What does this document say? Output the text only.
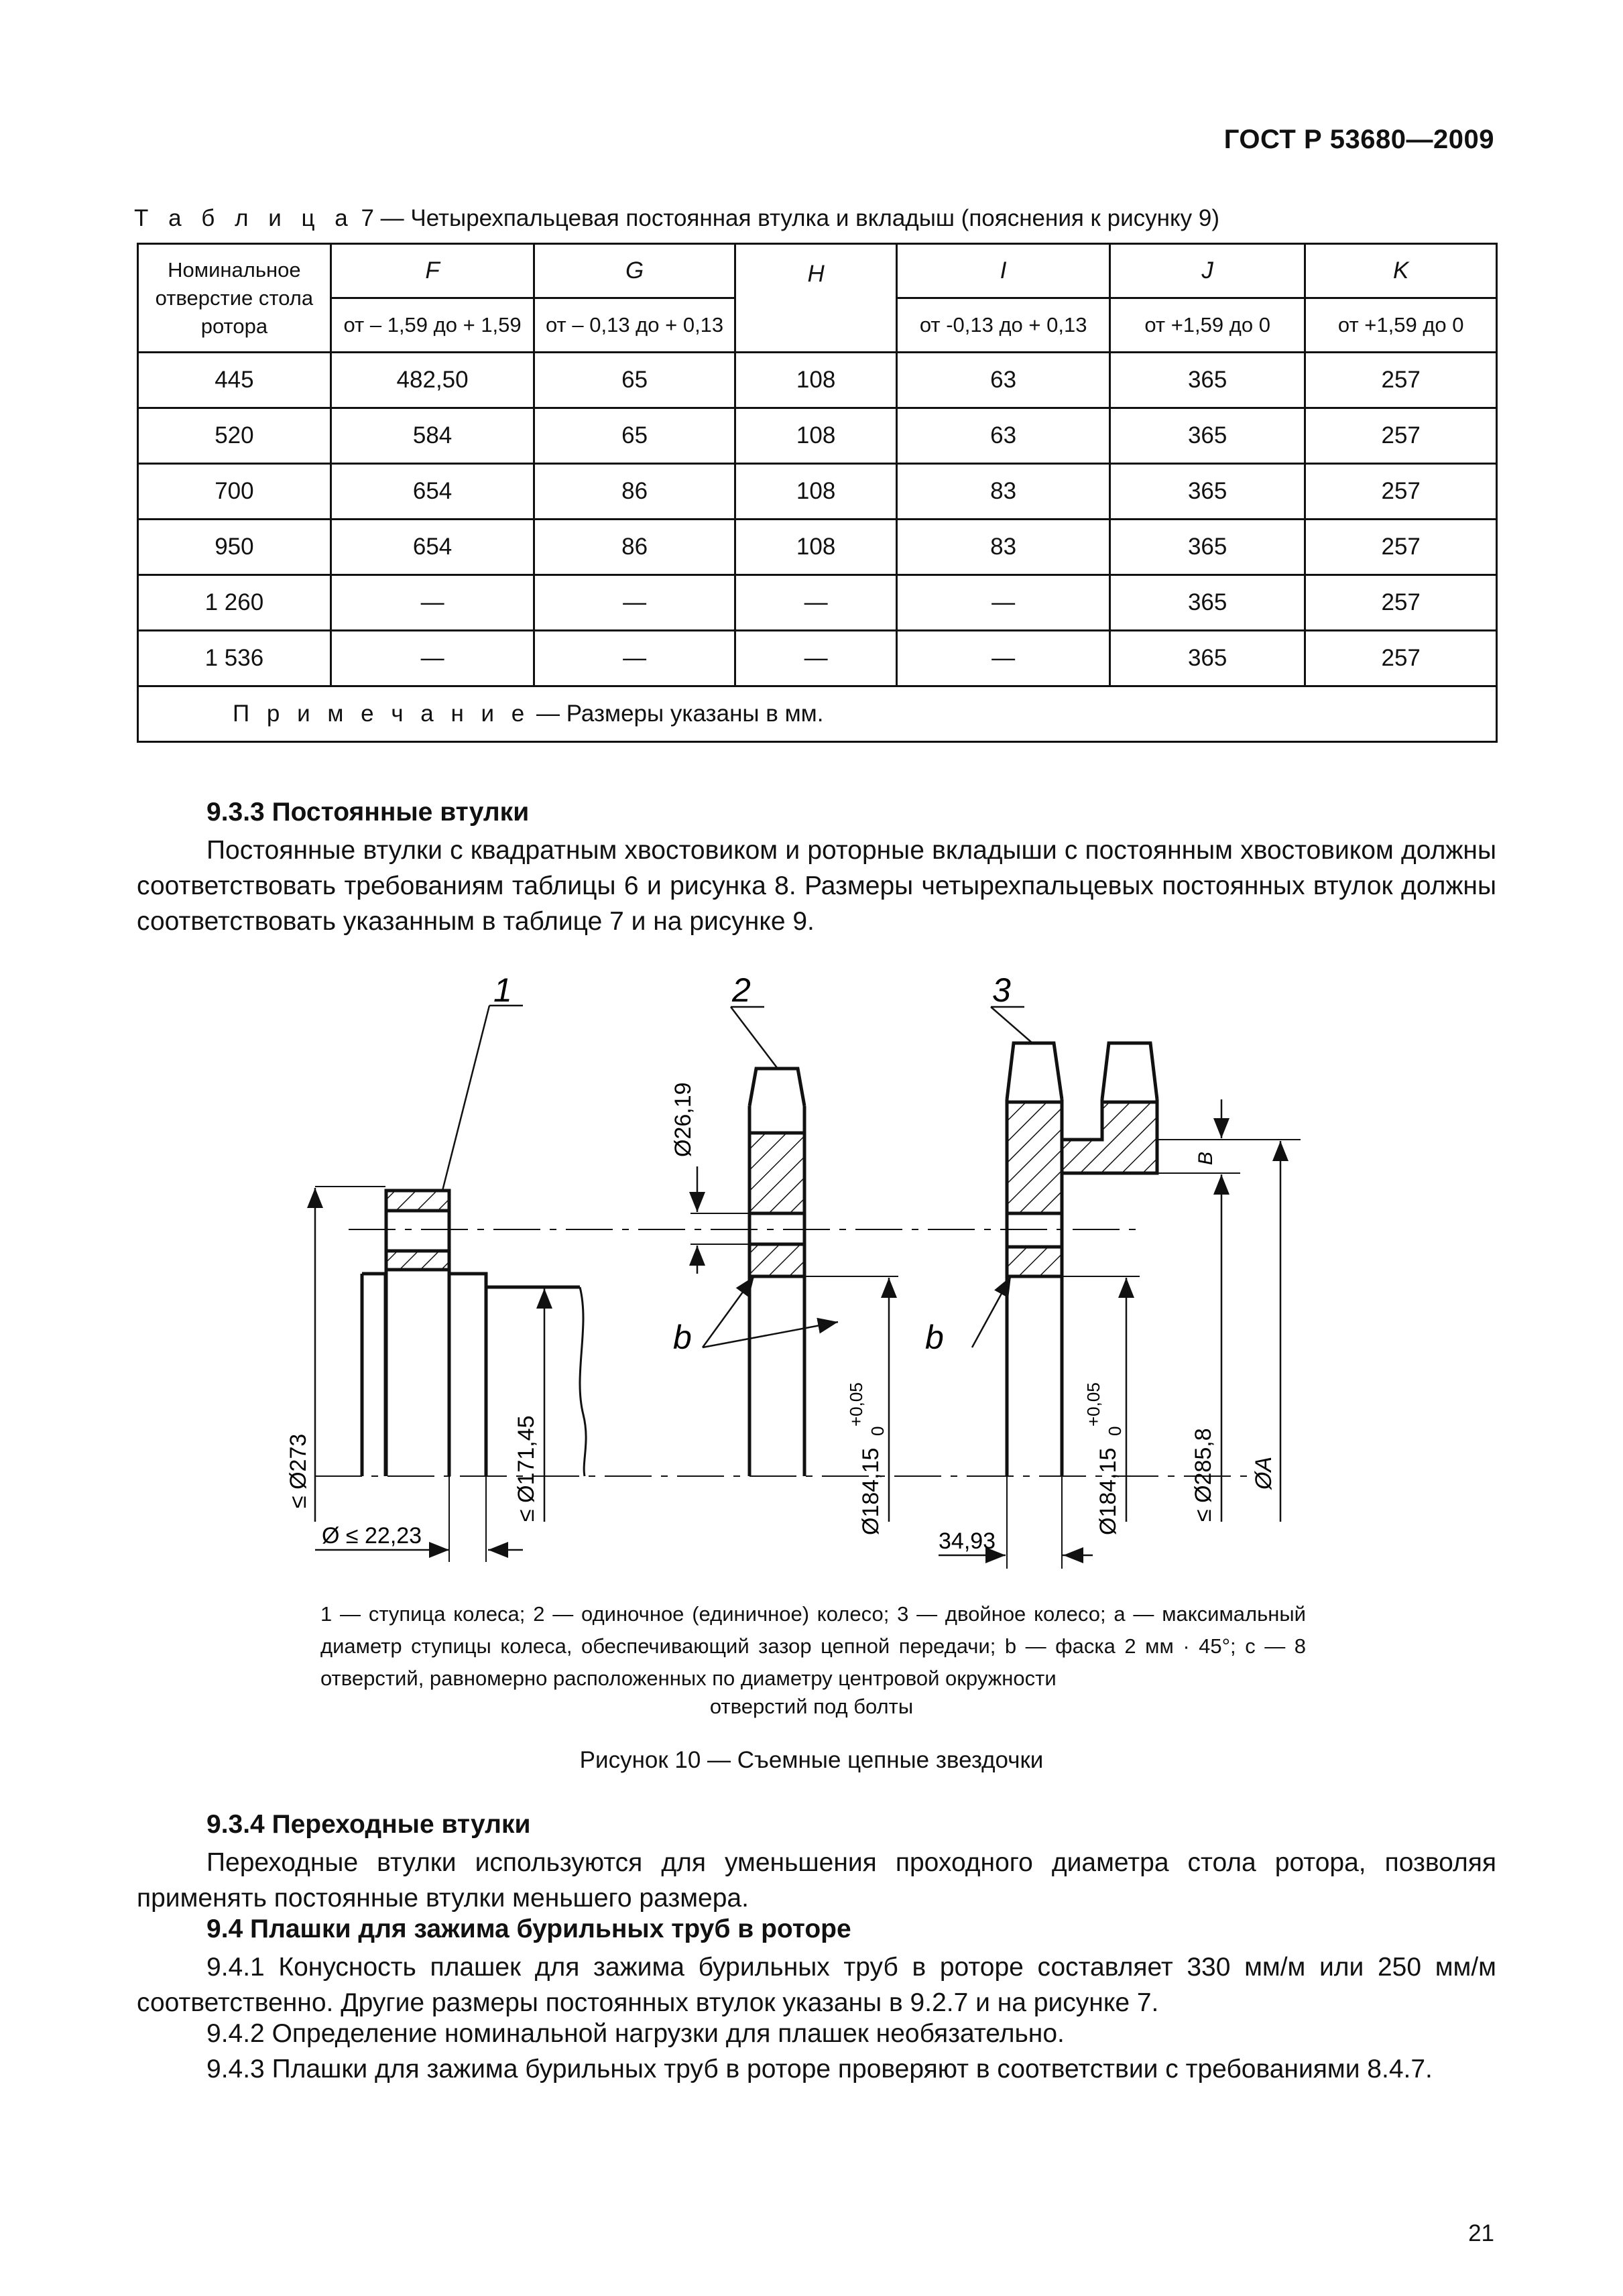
ГОСТ Р 53680—2009
Т а б л и ц а 7 — Четырехпальцевая постоянная втулка и вкладыш (пояснения к рисунку 9)
Номинальное отверстие стола ротора	F	G	H	I	J	K
	от – 1,59 до + 1,59	от – 0,13 до + 0,13		от -0,13 до + 0,13	от +1,59 до 0	от +1,59 до 0
445	482,50	65	108	63	365	257
520	584	65	108	63	365	257
700	654	86	108	83	365	257
950	654	86	108	83	365	257
1 260	—	—	—	—	365	257
1 536	—	—	—	—	365	257
П р и м е ч а н и е — Размеры указаны в мм.						
9.3.3 Постоянные втулки
Постоянные втулки с квадратным хвостовиком и роторные вкладыши с постоянным хвостовиком должны соответствовать требованиям таблицы 6 и рисунка 8. Размеры четырехпальцевых постоянных втулок должны соответствовать указанным в таблице 7 и на рисунке 9.
1	2	3
b	b
≤ Ø273	≤ Ø171,45
Ø ≤ 22,23
Ø26,19
Ø184,15
+0,05
0
Ø184,15
+0,05
0
34,93
≤ Ø285,8 ØA
B
1 — ступица колеса; 2 — одиночное (единичное) колесо; 3 — двойное колесо; a — максимальный диаметр ступицы колеса, обеспечивающий зазор цепной передачи; b — фаска 2 мм · 45°; c — 8 отверстий, равномерно расположенных по диаметру центровой окружности
отверстий под болты
Рисунок 10 — Съемные цепные звездочки
9.3.4 Переходные втулки
Переходные втулки используются для уменьшения проходного диаметра стола ротора, позволяя применять постоянные втулки меньшего размера.
9.4 Плашки для зажима бурильных труб в роторе
9.4.1 Конусность плашек для зажима бурильных труб в роторе составляет 330 мм/м или 250 мм/м соответственно. Другие размеры постоянных втулок указаны в 9.2.7 и на рисунке 7.
9.4.2 Определение номинальной нагрузки для плашек необязательно.
9.4.3 Плашки для зажима бурильных труб в роторе проверяют в соответствии с требованиями 8.4.7.
21
